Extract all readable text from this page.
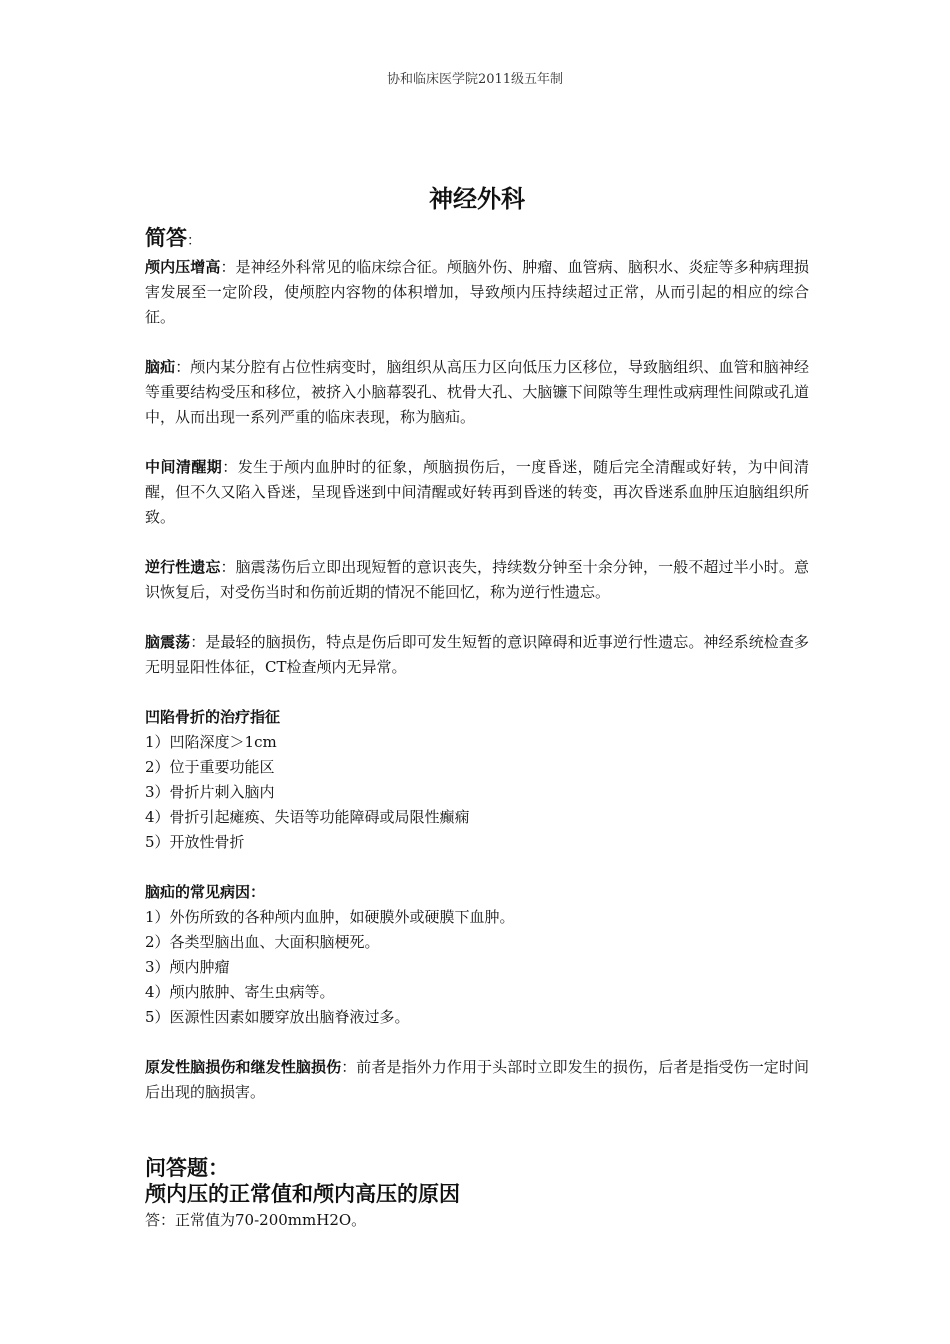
协和临床医学院2011级五年制
神经外科
简答：

颅内压增高：是神经外科常见的临床综合征。颅脑外伤、肿瘤、血管病、脑积水、炎症等多种病理损害发展至一定阶段，使颅腔内容物的体积增加，导致颅内压持续超过正常，从而引起的相应的综合征。

脑疝：颅内某分腔有占位性病变时，脑组织从高压力区向低压力区移位，导致脑组织、血管和脑神经等重要结构受压和移位，被挤入小脑幕裂孔、枕骨大孔、大脑镰下间隙等生理性或病理性间隙或孔道中，从而出现一系列严重的临床表现，称为脑疝。

中间清醒期：发生于颅内血肿时的征象，颅脑损伤后，一度昏迷，随后完全清醒或好转，为中间清醒，但不久又陷入昏迷，呈现昏迷到中间清醒或好转再到昏迷的转变，再次昏迷系血肿压迫脑组织所致。

逆行性遗忘：脑震荡伤后立即出现短暂的意识丧失，持续数分钟至十余分钟，一般不超过半小时。意识恢复后，对受伤当时和伤前近期的情况不能回忆，称为逆行性遗忘。

脑震荡：是最轻的脑损伤，特点是伤后即可发生短暂的意识障碍和近事逆行性遗忘。神经系统检查多无明显阳性体征，CT检查颅内无异常。

凹陷骨折的治疗指征

1）凹陷深度＞1cm

2）位于重要功能区

3）骨折片刺入脑内

4）骨折引起瘫痪、失语等功能障碍或局限性癫痫

5）开放性骨折

脑疝的常见病因：

1）外伤所致的各种颅内血肿，如硬膜外或硬膜下血肿。

2）各类型脑出血、大面积脑梗死。

3）颅内肿瘤

4）颅内脓肿、寄生虫病等。

5）医源性因素如腰穿放出脑脊液过多。

原发性脑损伤和继发性脑损伤：前者是指外力作用于头部时立即发生的损伤，后者是指受伤一定时间后出现的脑损害。

问答题：
颅内压的正常值和颅内高压的原因

答：正常值为70-200mmH2O。
